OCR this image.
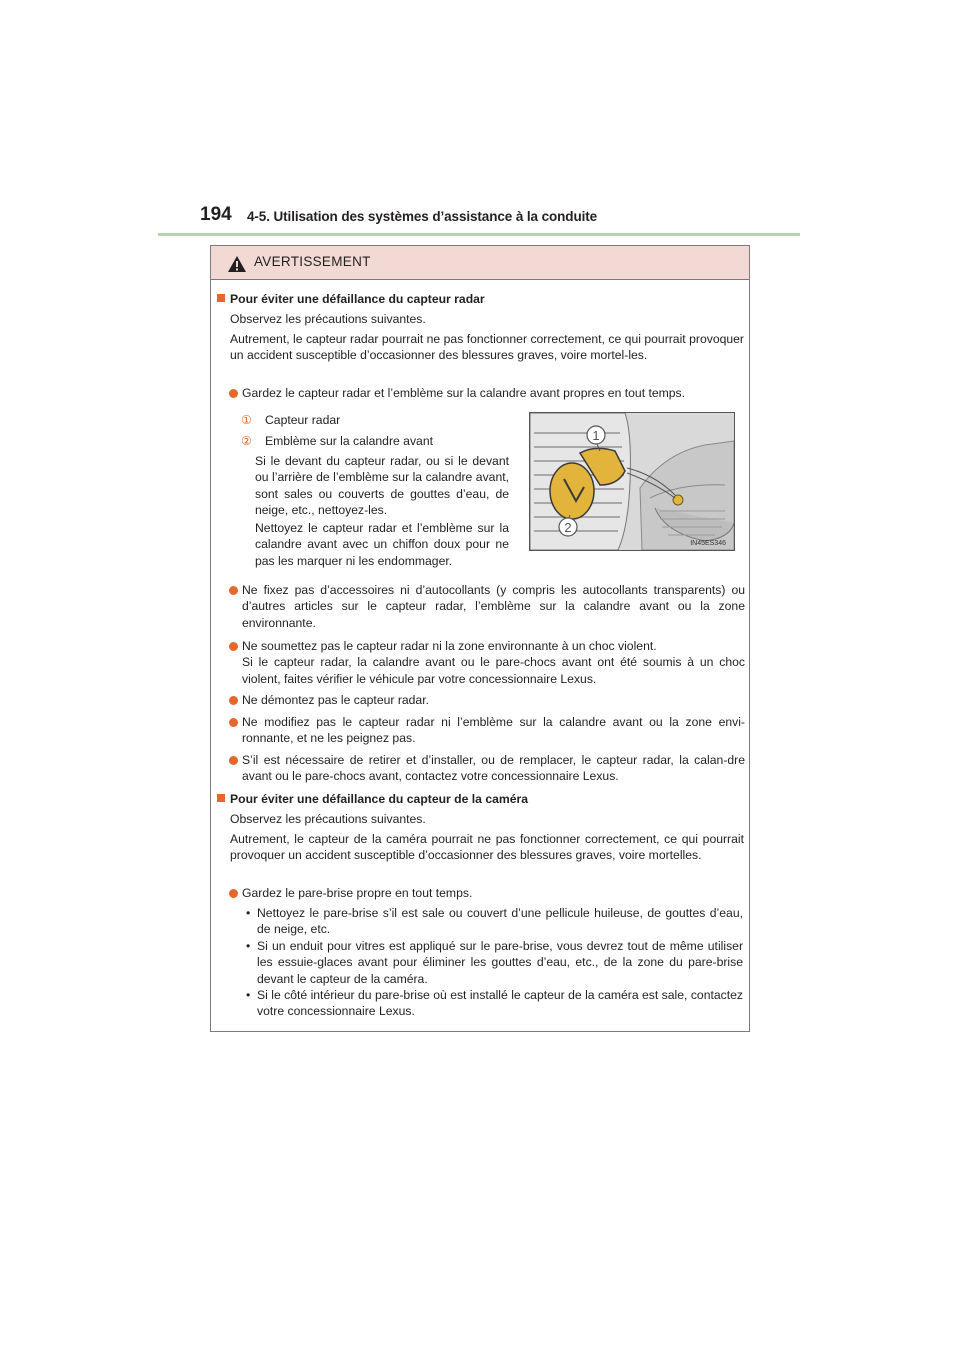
194 4-5. Utilisation des systèmes d’assistance à la conduite
AVERTISSEMENT
Pour éviter une défaillance du capteur radar
Observez les précautions suivantes.
Autrement, le capteur radar pourrait ne pas fonctionner correctement, ce qui pourrait provoquer un accident susceptible d’occasionner des blessures graves, voire mortel-les.
Gardez le capteur radar et l’emblème sur la calandre avant propres en tout temps.
① Capteur radar
② Emblème sur la calandre avant
Si le devant du capteur radar, ou si le devant ou l’arrière de l’emblème sur la calandre avant, sont sales ou couverts de gouttes d’eau, de neige, etc., nettoyez-les.
Nettoyez le capteur radar et l’emblème sur la calandre avant avec un chiffon doux pour ne pas les marquer ni les endommager.
1
2
IN45ES346
Ne fixez pas d’accessoires ni d’autocollants (y compris les autocollants transparents) ou d’autres articles sur le capteur radar, l’emblème sur la calandre avant ou la zone environnante.
Ne soumettez pas le capteur radar ni la zone environnante à un choc violent.
Si le capteur radar, la calandre avant ou le pare-chocs avant ont été soumis à un choc violent, faites vérifier le véhicule par votre concessionnaire Lexus.
Ne démontez pas le capteur radar.
Ne modifiez pas le capteur radar ni l’emblème sur la calandre avant ou la zone envi-ronnante, et ne les peignez pas.
S’il est nécessaire de retirer et d’installer, ou de remplacer, le capteur radar, la calan-dre avant ou le pare-chocs avant, contactez votre concessionnaire Lexus.
Pour éviter une défaillance du capteur de la caméra
Observez les précautions suivantes.
Autrement, le capteur de la caméra pourrait ne pas fonctionner correctement, ce qui pourrait provoquer un accident susceptible d’occasionner des blessures graves, voire mortelles.
Gardez le pare-brise propre en tout temps.
• Nettoyez le pare-brise s’il est sale ou couvert d’une pellicule huileuse, de gouttes d’eau, de neige, etc.
• Si un enduit pour vitres est appliqué sur le pare-brise, vous devrez tout de même utiliser les essuie-glaces avant pour éliminer les gouttes d’eau, etc., de la zone du pare-brise devant le capteur de la caméra.
• Si le côté intérieur du pare-brise où est installé le capteur de la caméra est sale, contactez votre concessionnaire Lexus.
